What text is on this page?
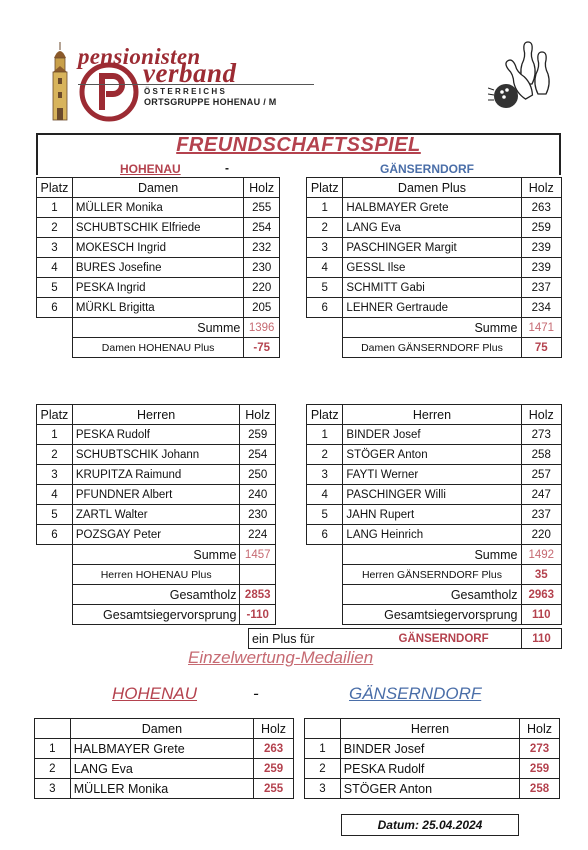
pensionisten
verband
ÖSTERREICHS
ORTSGRUPPE HOHENAU / M
FREUNDSCHAFTSSPIEL
HOHENAU	-	GÄNSERNDORF
Platz	Damen	Holz
1	MÜLLER Monika	255
2	SCHUBTSCHIK Elfriede	254
3	MOKESCH Ingrid	232
4	BURES Josefine	230
5	PESKA Ingrid	220
6	MÜRKL Brigitta	205
	Summe	1396
	Damen HOHENAU Plus	-75
Platz	Damen Plus	Holz
1	HALBMAYER Grete	263
2	LANG Eva	259
3	PASCHINGER Margit	239
4	GESSL Ilse	239
5	SCHMITT Gabi	237
6	LEHNER Gertraude	234
	Summe	1471
	Damen GÄNSERNDORF Plus	75
Platz	Herren	Holz
1	PESKA Rudolf	259
2	SCHUBTSCHIK Johann	254
3	KRUPITZA Raimund	250
4	PFUNDNER Albert	240
5	ZARTL Walter	230
6	POZSGAY Peter	224
	Summe	1457
	Herren HOHENAU Plus	
	Gesamtholz	2853
	Gesamtsiegervorsprung	-110
Platz	Herren	Holz
1	BINDER Josef	273
2	STÖGER Anton	258
3	FAYTI Werner	257
4	PASCHINGER Willi	247
5	JAHN Rupert	237
6	LANG Heinrich	220
	Summe	1492
	Herren GÄNSERNDORF Plus	35
	Gesamtholz	2963
	Gesamtsiegervorsprung	110
ein Plus für	GÄNSERNDORF	110
Einzelwertung-Medailien
HOHENAU	-	GÄNSERNDORF
	Damen	Holz
1	HALBMAYER Grete	263
2	LANG Eva	259
3	MÜLLER Monika	255
	Herren	Holz
1	BINDER Josef	273
2	PESKA Rudolf	259
3	STÖGER Anton	258
Datum: 25.04.2024
